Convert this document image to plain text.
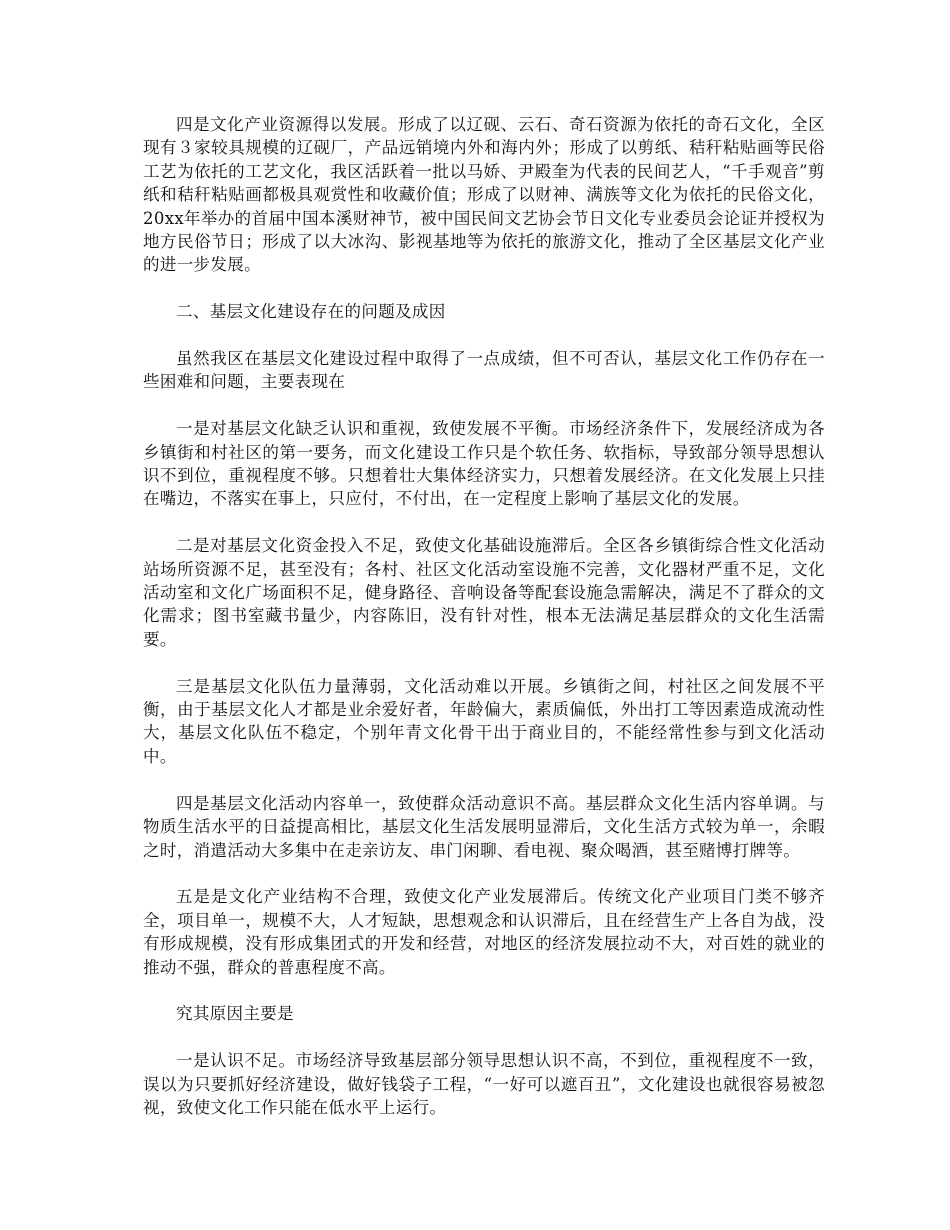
四是文化产业资源得以发展。形成了以辽砚、云石、奇石资源为依托的奇石文化，全区现有３家较具规模的辽砚厂，产品远销境内外和海内外；形成了以剪纸、秸秆粘贴画等民俗工艺为依托的工艺文化，我区活跃着一批以马娇、尹殿奎为代表的民间艺人，“千手观音”剪纸和秸秆粘贴画都极具观赏性和收藏价值；形成了以财神、满族等文化为依托的民俗文化，20xx年举办的首届中国本溪财神节，被中国民间文艺协会节日文化专业委员会论证并授权为地方民俗节日；形成了以大冰沟、影视基地等为依托的旅游文化，推动了全区基层文化产业的进一步发展。

二、基层文化建设存在的问题及成因

虽然我区在基层文化建设过程中取得了一点成绩，但不可否认，基层文化工作仍存在一些困难和问题，主要表现在

一是对基层文化缺乏认识和重视，致使发展不平衡。市场经济条件下，发展经济成为各乡镇街和村社区的第一要务，而文化建设工作只是个软任务、软指标，导致部分领导思想认识不到位，重视程度不够。只想着壮大集体经济实力，只想着发展经济。在文化发展上只挂在嘴边，不落实在事上，只应付，不付出，在一定程度上影响了基层文化的发展。

二是对基层文化资金投入不足，致使文化基础设施滞后。全区各乡镇街综合性文化活动站场所资源不足，甚至没有；各村、社区文化活动室设施不完善，文化器材严重不足，文化活动室和文化广场面积不足，健身路径、音响设备等配套设施急需解决，满足不了群众的文化需求；图书室藏书量少，内容陈旧，没有针对性，根本无法满足基层群众的文化生活需要。

三是基层文化队伍力量薄弱，文化活动难以开展。乡镇街之间，村社区之间发展不平衡，由于基层文化人才都是业余爱好者，年龄偏大，素质偏低，外出打工等因素造成流动性大，基层文化队伍不稳定，个别年青文化骨干出于商业目的，不能经常性参与到文化活动中。

四是基层文化活动内容单一，致使群众活动意识不高。基层群众文化生活内容单调。与物质生活水平的日益提高相比，基层文化生活发展明显滞后，文化生活方式较为单一，余暇之时，消遣活动大多集中在走亲访友、串门闲聊、看电视、聚众喝酒，甚至赌博打牌等。

五是是文化产业结构不合理，致使文化产业发展滞后。传统文化产业项目门类不够齐全，项目单一，规模不大，人才短缺，思想观念和认识滞后，且在经营生产上各自为战，没有形成规模，没有形成集团式的开发和经营，对地区的经济发展拉动不大，对百姓的就业的推动不强，群众的普惠程度不高。

究其原因主要是

一是认识不足。市场经济导致基层部分领导思想认识不高，不到位，重视程度不一致，误以为只要抓好经济建设，做好钱袋子工程，“一好可以遮百丑”，文化建设也就很容易被忽视，致使文化工作只能在低水平上运行。
